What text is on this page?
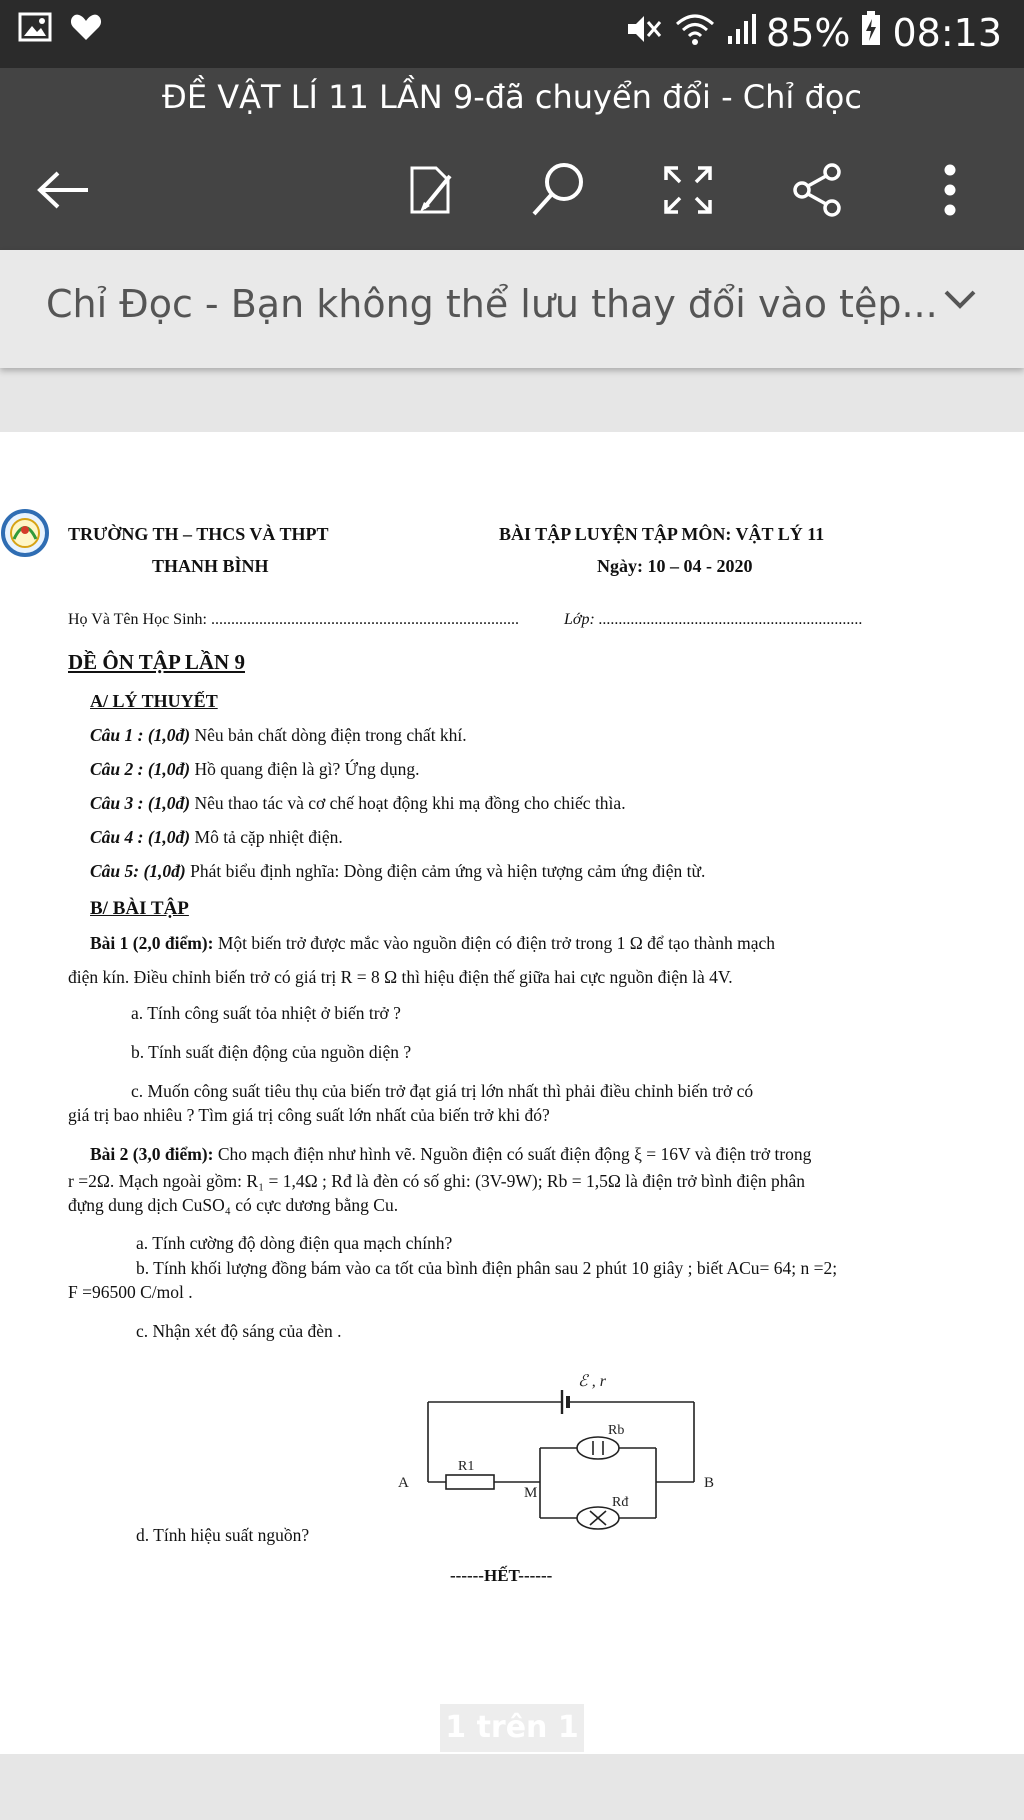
85% 08:13
ĐỀ VẬT LÍ 11 LẦN 9-đã chuyển đổi - Chỉ đọc
Chỉ Đọc - Bạn không thể lưu thay đổi vào tệp...
TRƯỜNG TH – THCS VÀ THPT
THANH BÌNH
BÀI TẬP LUYỆN TẬP MÔN: VẬT LÝ 11
Ngày: 10 – 04 - 2020
Họ Và Tên Học Sinh: .............................................................................	Lớp: ..................................................................
DỀ ÔN TẬP LẦN 9
A/ LÝ THUYẾT
Câu 1 : (1,0đ) Nêu bản chất dòng điện trong chất khí.
Câu 2 : (1,0đ) Hồ quang điện là gì? Ứng dụng.
Câu 3 : (1,0đ) Nêu thao tác và cơ chế hoạt động khi mạ đồng cho chiếc thìa.
Câu 4 : (1,0đ) Mô tả cặp nhiệt điện.
Câu 5: (1,0đ) Phát biểu định nghĩa: Dòng điện cảm ứng và hiện tượng cảm ứng điện từ.
B/ BÀI TẬP
Bài 1 (2,0 điểm): Một biến trở được mắc vào nguồn điện có điện trở trong 1 Ω để tạo thành mạch
điện kín. Điều chỉnh biến trở có giá trị R = 8 Ω thì hiệu điện thế giữa hai cực nguồn điện là 4V.
a. Tính công suất tỏa nhiệt ở biến trở ?
b. Tính suất điện động của nguồn diện ?
c. Muốn công suất tiêu thụ của biến trở đạt giá trị lớn nhất thì phải điều chỉnh biến trở có
giá trị bao nhiêu ? Tìm giá trị công suất lớn nhất của biến trở khi đó?
Bài 2 (3,0 điểm): Cho mạch điện như hình vẽ. Nguồn điện có suất điện động ξ = 16V và điện trở trong
r =2Ω. Mạch ngoài gồm: R₁ = 1,4Ω ; Rđ là đèn có số ghi: (3V-9W); Rb = 1,5Ω là điện trở bình điện phân
đựng dung dịch CuSO₄ có cực dương bằng Cu.
a. Tính cường độ dòng điện qua mạch chính?
b. Tính khối lượng đồng bám vào ca tốt của bình điện phân sau 2 phút 10 giây ; biết ACu= 64; n =2;
F =96500 C/mol .
c. Nhận xét độ sáng của đèn .
ℰ , r
Rb
Rđ
R1
A	B
M
d. Tính hiệu suất nguồn?
------HẾT------
1 trên 1
